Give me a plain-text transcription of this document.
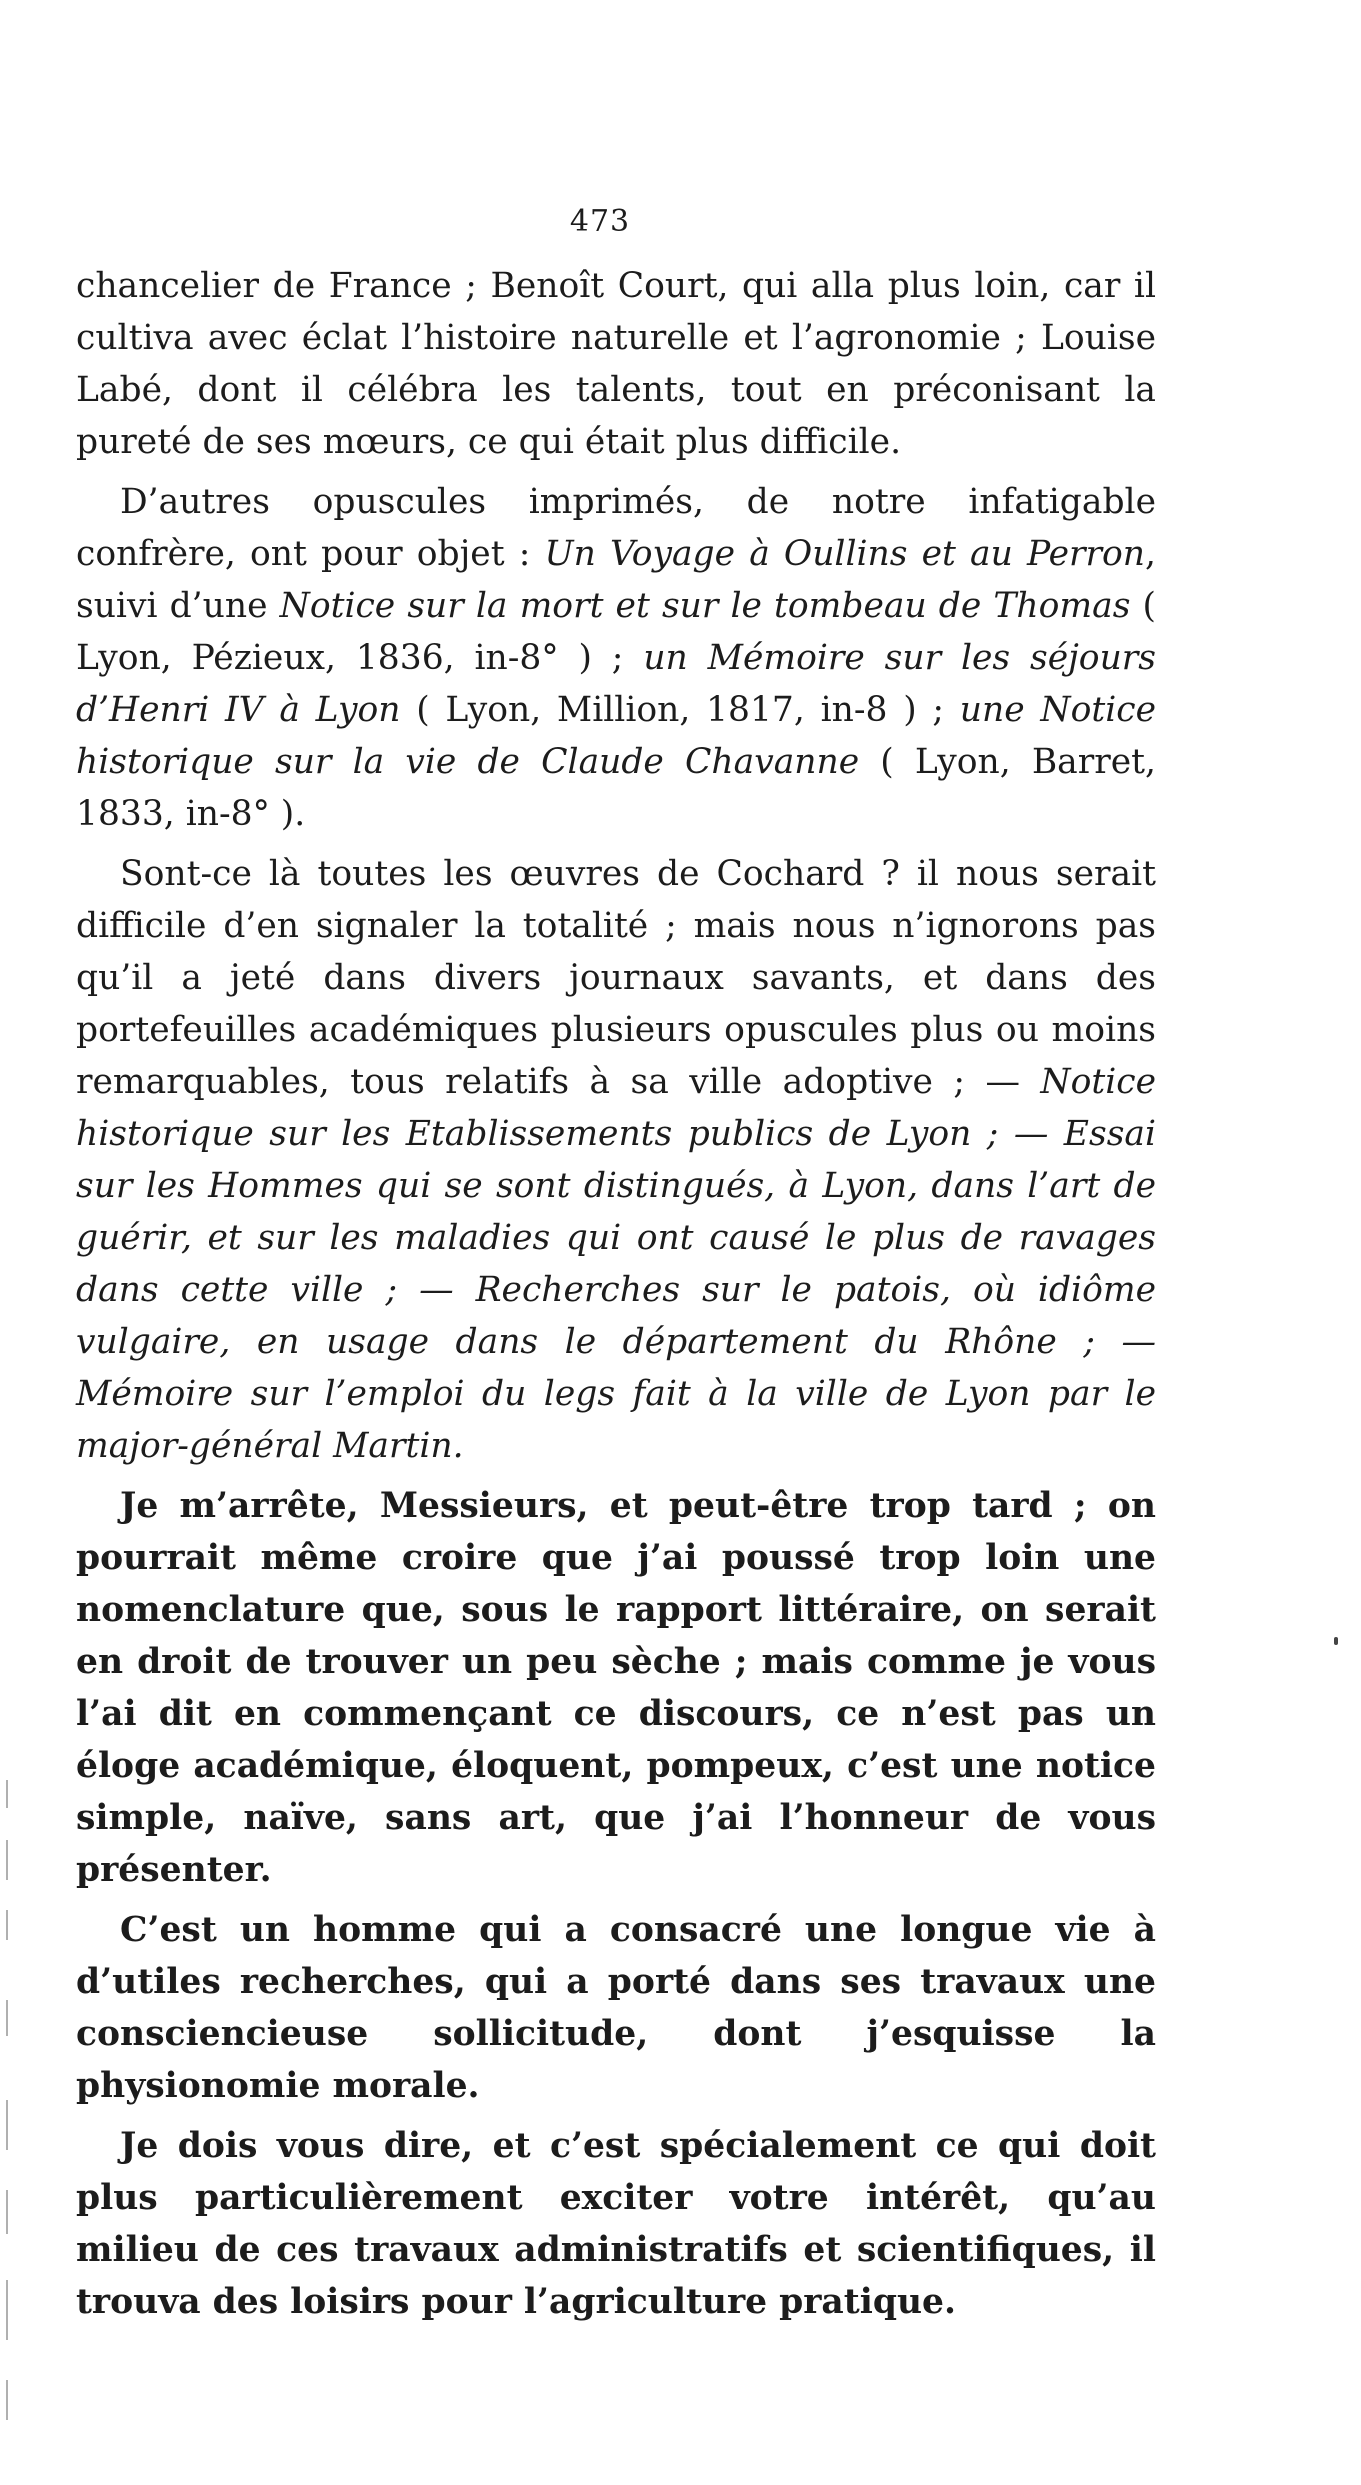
473

chancelier de France ; Benoît Court, qui alla plus loin, car il cultiva avec éclat l’histoire naturelle et l’agronomie ; Louise Labé, dont il célébra les talents, tout en préconisant la pureté de ses mœurs, ce qui était plus difficile.

D’autres opuscules imprimés, de notre infatigable confrère, ont pour objet : Un Voyage à Oullins et au Perron, suivi d’une Notice sur la mort et sur le tombeau de Thomas ( Lyon, Pézieux, 1836, in-8° ) ; un Mémoire sur les séjours d’Henri IV à Lyon ( Lyon, Million, 1817, in-8 ) ; une Notice historique sur la vie de Claude Chavanne ( Lyon, Barret, 1833, in-8° ).

Sont-ce là toutes les œuvres de Cochard ? il nous serait difficile d’en signaler la totalité ; mais nous n’ignorons pas qu’il a jeté dans divers journaux savants, et dans des portefeuilles académiques plusieurs opuscules plus ou moins remarquables, tous relatifs à sa ville adoptive ; — Notice historique sur les Etablissements publics de Lyon ; — Essai sur les Hommes qui se sont distingués, à Lyon, dans l’art de guérir, et sur les maladies qui ont causé le plus de ravages dans cette ville ; — Recherches sur le patois, où idiôme vulgaire, en usage dans le département du Rhône ; — Mémoire sur l’emploi du legs fait à la ville de Lyon par le major-général Martin.

Je m’arrête, Messieurs, et peut-être trop tard ; on pourrait même croire que j’ai poussé trop loin une nomenclature que, sous le rapport littéraire, on serait en droit de trouver un peu sèche ; mais comme je vous l’ai dit en commençant ce discours, ce n’est pas un éloge académique, éloquent, pompeux, c’est une notice simple, naïve, sans art, que j’ai l’honneur de vous présenter.

C’est un homme qui a consacré une longue vie à d’utiles recherches, qui a porté dans ses travaux une consciencieuse sollicitude, dont j’esquisse la physionomie morale.

Je dois vous dire, et c’est spécialement ce qui doit plus particulièrement exciter votre intérêt, qu’au milieu de ces travaux administratifs et scientifiques, il trouva des loisirs pour l’agriculture pratique.
